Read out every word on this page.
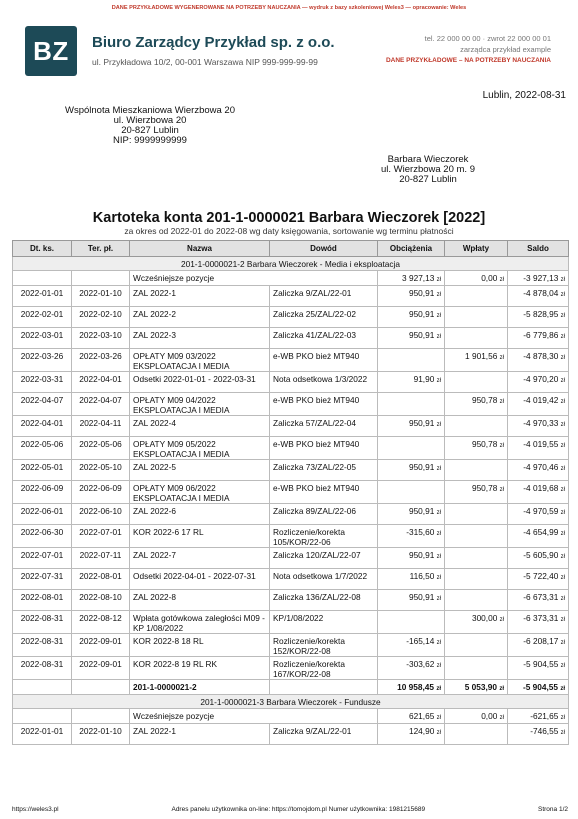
DANE PRZYKŁADOWE WYGENEROWANE NA POTRZEBY NAUCZANIA — wydruk z bazy szkoleniowej Weles3 — opracowanie: Weles
BZ	Biuro Zarządcy Przykład sp. z o.o.
ul. Przykładowa 10/2, 00-001 Warszawa NIP 999-999-99-99
tel. 22 000 00 00 · zwrot 22 000 00 01
zarządca przykład example
DANE PRZYKŁADOWE – NA POTRZEBY NAUCZANIA
Lublin, 2022-08-31
Wspólnota Mieszkaniowa Wierzbowa 20
ul. Wierzbowa 20
20-827 Lublin
NIP: 9999999999
Barbara Wieczorek
ul. Wierzbowa 20 m. 9
20-827 Lublin
Kartoteka konta 201-1-0000021 Barbara Wieczorek [2022]
za okres od 2022-01 do 2022-08 wg daty księgowania, sortowanie wg terminu płatności
Dt. ks.	Ter. pł.	Nazwa	Dowód	Obciążenia	Wpłaty	Saldo
201-1-0000021-2 Barbara Wieczorek - Media i eksploatacja						
		Wcześniejsze pozycje		3 927,13 zł	0,00 zł	-3 927,13 zł
2022-01-01	2022-01-10	ZAL 2022-1	Zaliczka 9/ZAL/22-01	950,91 zł		-4 878,04 zł
2022-02-01	2022-02-10	ZAL 2022-2	Zaliczka 25/ZAL/22-02	950,91 zł		-5 828,95 zł
2022-03-01	2022-03-10	ZAL 2022-3	Zaliczka 41/ZAL/22-03	950,91 zł		-6 779,86 zł
2022-03-26	2022-03-26	OPŁATY M09 03/2022 EKSPLOATACJA I MEDIA	e-WB PKO bież MT940		1 901,56 zł	-4 878,30 zł
2022-03-31	2022-04-01	Odsetki 2022-01-01 - 2022-03-31	Nota odsetkowa 1/3/2022	91,90 zł		-4 970,20 zł
2022-04-07	2022-04-07	OPŁATY M09 04/2022 EKSPLOATACJA I MEDIA	e-WB PKO bież MT940		950,78 zł	-4 019,42 zł
2022-04-01	2022-04-11	ZAL 2022-4	Zaliczka 57/ZAL/22-04	950,91 zł		-4 970,33 zł
2022-05-06	2022-05-06	OPŁATY M09 05/2022 EKSPLOATACJA I MEDIA	e-WB PKO bież MT940		950,78 zł	-4 019,55 zł
2022-05-01	2022-05-10	ZAL 2022-5	Zaliczka 73/ZAL/22-05	950,91 zł		-4 970,46 zł
2022-06-09	2022-06-09	OPŁATY M09 06/2022 EKSPLOATACJA I MEDIA	e-WB PKO bież MT940		950,78 zł	-4 019,68 zł
2022-06-01	2022-06-10	ZAL 2022-6	Zaliczka 89/ZAL/22-06	950,91 zł		-4 970,59 zł
2022-06-30	2022-07-01	KOR 2022-6 17 RL	Rozliczenie/korekta 105/KOR/22-06	-315,60 zł		-4 654,99 zł
2022-07-01	2022-07-11	ZAL 2022-7	Zaliczka 120/ZAL/22-07	950,91 zł		-5 605,90 zł
2022-07-31	2022-08-01	Odsetki 2022-04-01 - 2022-07-31	Nota odsetkowa 1/7/2022	116,50 zł		-5 722,40 zł
2022-08-01	2022-08-10	ZAL 2022-8	Zaliczka 136/ZAL/22-08	950,91 zł		-6 673,31 zł
2022-08-31	2022-08-12	Wpłata gotówkowa zaległości M09 - KP 1/08/2022	KP/1/08/2022		300,00 zł	-6 373,31 zł
2022-08-31	2022-09-01	KOR 2022-8 18 RL	Rozliczenie/korekta 152/KOR/22-08	-165,14 zł		-6 208,17 zł
2022-08-31	2022-09-01	KOR 2022-8 19 RL RK	Rozliczenie/korekta 167/KOR/22-08	-303,62 zł		-5 904,55 zł
		201-1-0000021-2		10 958,45 zł	5 053,90 zł	-5 904,55 zł
201-1-0000021-3 Barbara Wieczorek - Fundusze						
		Wcześniejsze pozycje		621,65 zł	0,00 zł	-621,65 zł
2022-01-01	2022-01-10	ZAL 2022-1	Zaliczka 9/ZAL/22-01	124,90 zł		-746,55 zł
https://weles3.pl	Adres panelu użytkownika on-line: https://tomojdom.pl Numer użytkownika: 1981215689	Strona 1/2
